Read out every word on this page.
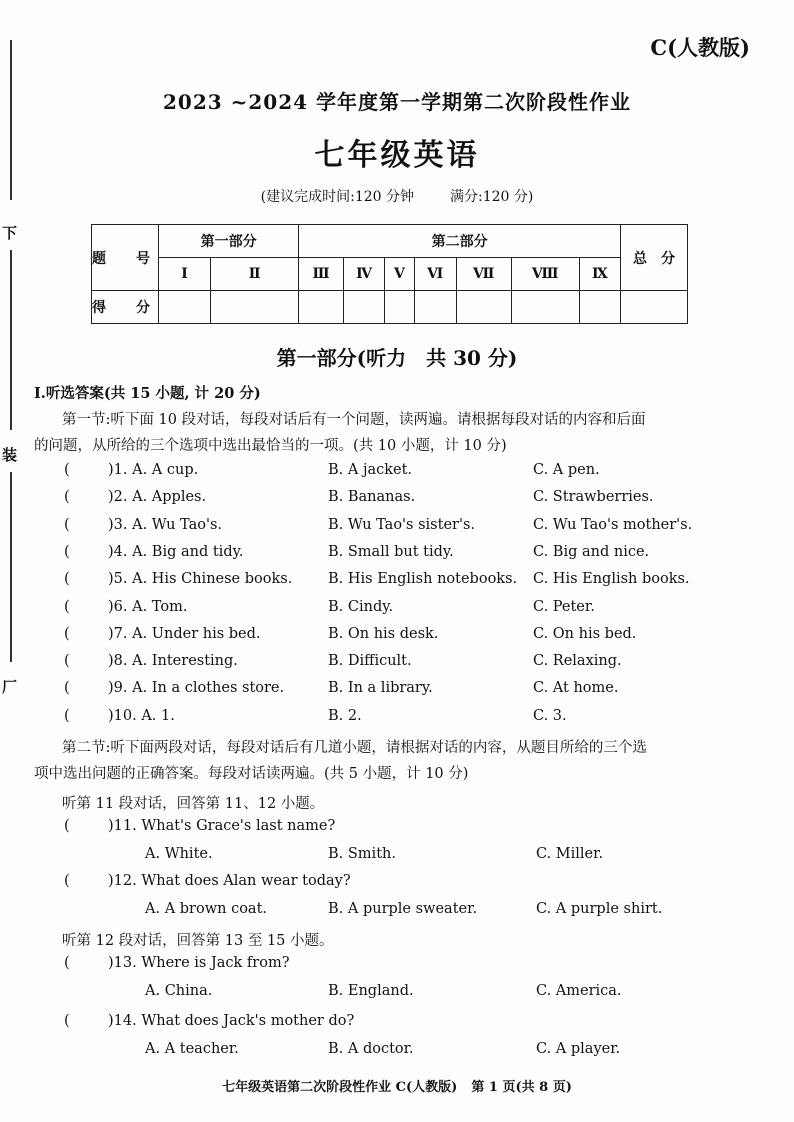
下
装
厂
C(人教版)
2023 ~2024 学年度第一学期第二次阶段性作业
七年级英语
(建议完成时间:120 分钟	满分:120 分)
题　号	第一部分		第二部分							总　分
	Ⅰ	Ⅱ	Ⅲ	Ⅳ	Ⅴ	Ⅵ	Ⅶ	Ⅷ	Ⅸ	
得　分										
第一部分(听力　共 30 分)
Ⅰ.听选答案(共 15 小题, 计 20 分)
第一节:听下面 10 段对话，每段对话后有一个问题，读两遍。请根据每段对话的内容和后面
的问题，从所给的三个选项中选出最恰当的一项。(共 10 小题，计 10 分)
(	)1. A. A cup.	B. A jacket.	C. A pen.
(	)2. A. Apples.	B. Bananas.	C. Strawberries.
(	)3. A. Wu Tao's.	B. Wu Tao's sister's.	C. Wu Tao's mother's.
(	)4. A. Big and tidy.	B. Small but tidy.	C. Big and nice.
(	)5. A. His Chinese books. B. His English notebooks. C. His English books.
(	)6. A. Tom.	B. Cindy.	C. Peter.
(	)7. A. Under his bed.	B. On his desk.	C. On his bed.
(	)8. A. Interesting.	B. Difficult.	C. Relaxing.
(	)9. A. In a clothes store.	B. In a library.	C. At home.
(	)10. A. 1.	B. 2.	C. 3.
第二节:听下面两段对话，每段对话后有几道小题，请根据对话的内容，从题目所给的三个选
项中选出问题的正确答案。每段对话读两遍。(共 5 小题，计 10 分)
听第 11 段对话，回答第 11、12 小题。
(	)11. What's Grace's last name?
A. White.	B. Smith.	C. Miller.
(	)12. What does Alan wear today?
A. A brown coat.	B. A purple sweater.	C. A purple shirt.
听第 12 段对话，回答第 13 至 15 小题。
(	)13. Where is Jack from?
A. China.	B. England.	C. America.
(	)14. What does Jack's mother do?
A. A teacher.	B. A doctor.	C. A player.
七年级英语第二次阶段性作业 C(人教版) 第 1 页(共 8 页)
